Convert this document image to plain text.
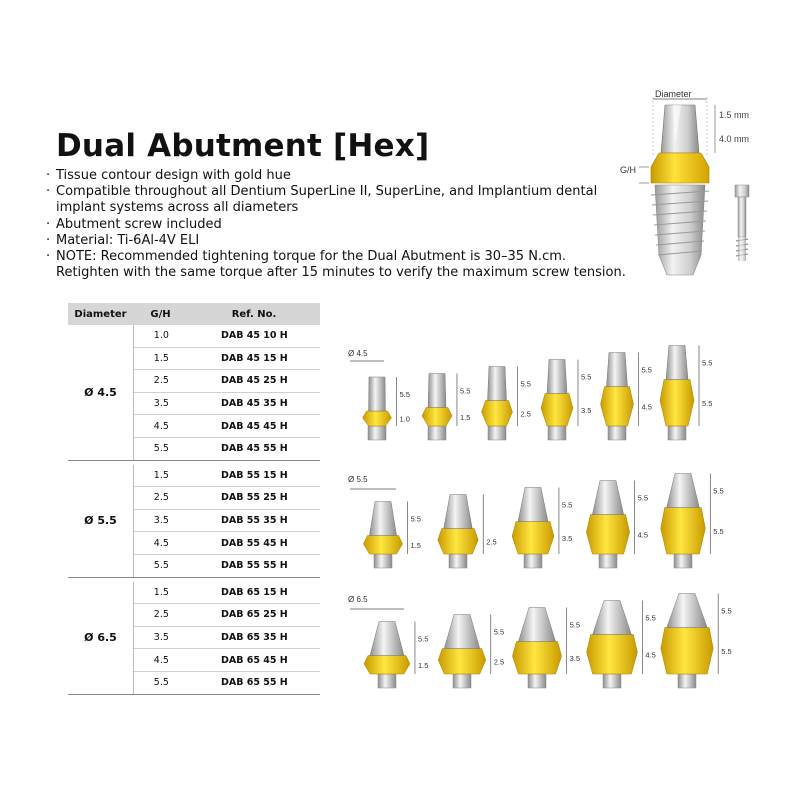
Dual Abutment [Hex]
· Tissue contour design with gold hue
· Compatible throughout all Dentium SuperLine II, SuperLine, and Implantium dental implant systems across all diameters
· Abutment screw included
· Material: Ti-6Al-4V ELI
· NOTE: Recommended tightening torque for the Dual Abutment is 30–35 N.cm. Retighten with the same torque after 15 minutes to verify the maximum screw tension.
Diameter
1.5 mm
4.0 mm
G/H
Diameter	G/H	Ref. No.
Ø 4.5
1.0	DAB 45 10 H
1.5	DAB 45 15 H
2.5	DAB 45 25 H
3.5	DAB 45 35 H
4.5	DAB 45 45 H
5.5	DAB 45 55 H
Ø 5.5
1.5	DAB 55 15 H
2.5	DAB 55 25 H
3.5	DAB 55 35 H
4.5	DAB 55 45 H
5.5	DAB 55 55 H
Ø 6.5
1.5	DAB 65 15 H
2.5	DAB 65 25 H
3.5	DAB 65 35 H
4.5	DAB 65 45 H
5.5	DAB 65 55 H
Ø 4.5
5.5
1.0
5.5
1.5
5.5
2.5
5.5
3.5
5.5
4.5
5.5
5.5
Ø 5.5
5.5
1.5	2.5
5.5
3.5
5.5
4.5
5.5
5.5
Ø 6.5
5.5
1.5
5.5
2.5
5.5
3.5
5.5
4.5
5.5
5.5
